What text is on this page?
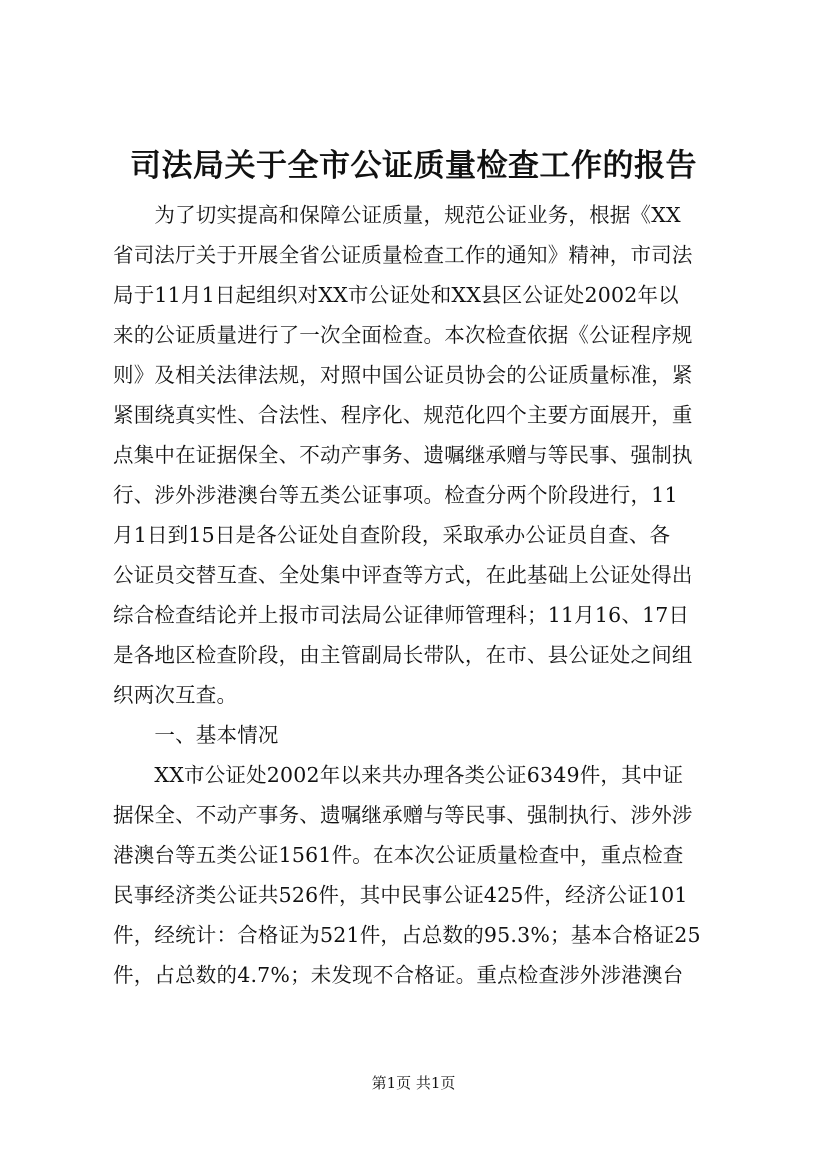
司法局关于全市公证质量检查工作的报告
　　为了切实提高和保障公证质量，规范公证业务，根据《XX
省司法厅关于开展全省公证质量检查工作的通知》精神，市司法
局于11月1日起组织对XX市公证处和XX县区公证处2002年以
来的公证质量进行了一次全面检查。本次检查依据《公证程序规
则》及相关法律法规，对照中国公证员协会的公证质量标准，紧
紧围绕真实性、合法性、程序化、规范化四个主要方面展开，重
点集中在证据保全、不动产事务、遗嘱继承赠与等民事、强制执
行、涉外涉港澳台等五类公证事项。检查分两个阶段进行，11
月1日到15日是各公证处自查阶段，采取承办公证员自查、各
公证员交替互查、全处集中评查等方式，在此基础上公证处得出
综合检查结论并上报市司法局公证律师管理科；11月16、17日
是各地区检查阶段，由主管副局长带队，在市、县公证处之间组
织两次互查。
　　一、基本情况
　　XX市公证处2002年以来共办理各类公证6349件，其中证
据保全、不动产事务、遗嘱继承赠与等民事、强制执行、涉外涉
港澳台等五类公证1561件。在本次公证质量检查中，重点检查
民事经济类公证共526件，其中民事公证425件，经济公证101
件，经统计：合格证为521件，占总数的95.3%；基本合格证25
件，占总数的4.7%；未发现不合格证。重点检查涉外涉港澳台
第1页 共1页
